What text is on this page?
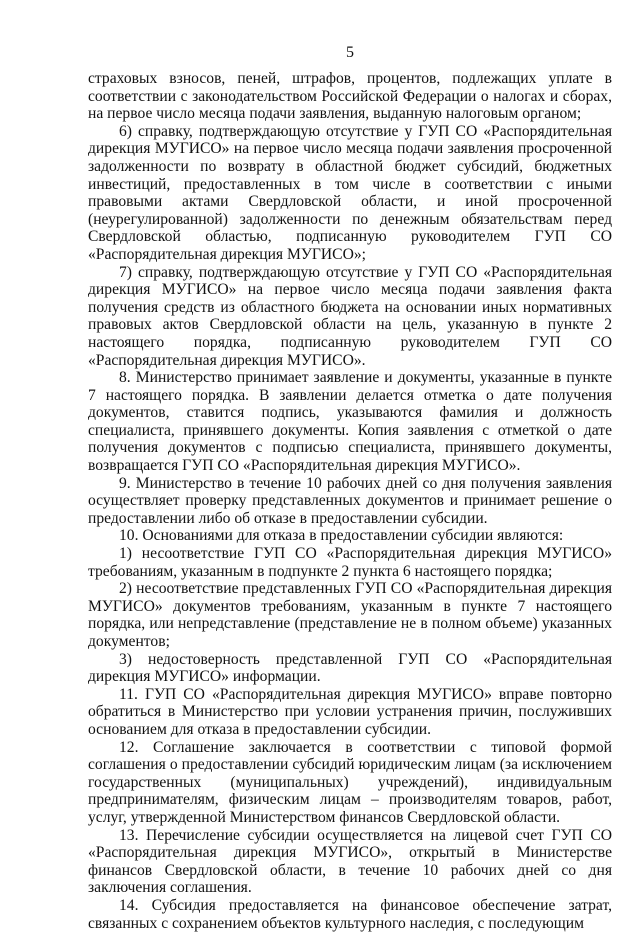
5

страховых взносов, пеней, штрафов, процентов, подлежащих уплате в соответствии с законодательством Российской Федерации о налогах и сборах, на первое число месяца подачи заявления, выданную налоговым органом;

6) справку, подтверждающую отсутствие у ГУП СО «Распорядительная дирекция МУГИСО» на первое число месяца подачи заявления просроченной задолженности по возврату в областной бюджет субсидий, бюджетных инвестиций, предоставленных в том числе в соответствии с иными правовыми актами Свердловской области, и иной просроченной (неурегулированной) задолженности по денежным обязательствам перед Свердловской областью, подписанную руководителем ГУП СО «Распорядительная дирекция МУГИСО»;

7) справку, подтверждающую отсутствие у ГУП СО «Распорядительная дирекция МУГИСО» на первое число месяца подачи заявления факта получения средств из областного бюджета на основании иных нормативных правовых актов Свердловской области на цель, указанную в пункте 2 настоящего порядка, подписанную руководителем ГУП СО «Распорядительная дирекция МУГИСО».

8. Министерство принимает заявление и документы, указанные в пункте 7 настоящего порядка. В заявлении делается отметка о дате получения документов, ставится подпись, указываются фамилия и должность специалиста, принявшего документы. Копия заявления с отметкой о дате получения документов с подписью специалиста, принявшего документы, возвращается ГУП СО «Распорядительная дирекция МУГИСО».

9. Министерство в течение 10 рабочих дней со дня получения заявления осуществляет проверку представленных документов и принимает решение о предоставлении либо об отказе в предоставлении субсидии.

10. Основаниями для отказа в предоставлении субсидии являются:

1) несоответствие ГУП СО «Распорядительная дирекция МУГИСО» требованиям, указанным в подпункте 2 пункта 6 настоящего порядка;

2) несоответствие представленных ГУП СО «Распорядительная дирекция МУГИСО» документов требованиям, указанным в пункте 7 настоящего порядка, или непредставление (представление не в полном объеме) указанных документов;

3) недостоверность представленной ГУП СО «Распорядительная дирекция МУГИСО» информации.

11. ГУП СО «Распорядительная дирекция МУГИСО» вправе повторно обратиться в Министерство при условии устранения причин, послуживших основанием для отказа в предоставлении субсидии.

12. Соглашение заключается в соответствии с типовой формой соглашения о предоставлении субсидий юридическим лицам (за исключением государственных (муниципальных) учреждений), индивидуальным предпринимателям, физическим лицам – производителям товаров, работ, услуг, утвержденной Министерством финансов Свердловской области.

13. Перечисление субсидии осуществляется на лицевой счет ГУП СО «Распорядительная дирекция МУГИСО», открытый в Министерстве финансов Свердловской области, в течение 10 рабочих дней со дня заключения соглашения.

14. Субсидия предоставляется на финансовое обеспечение затрат, связанных с сохранением объектов культурного наследия, с последующим
